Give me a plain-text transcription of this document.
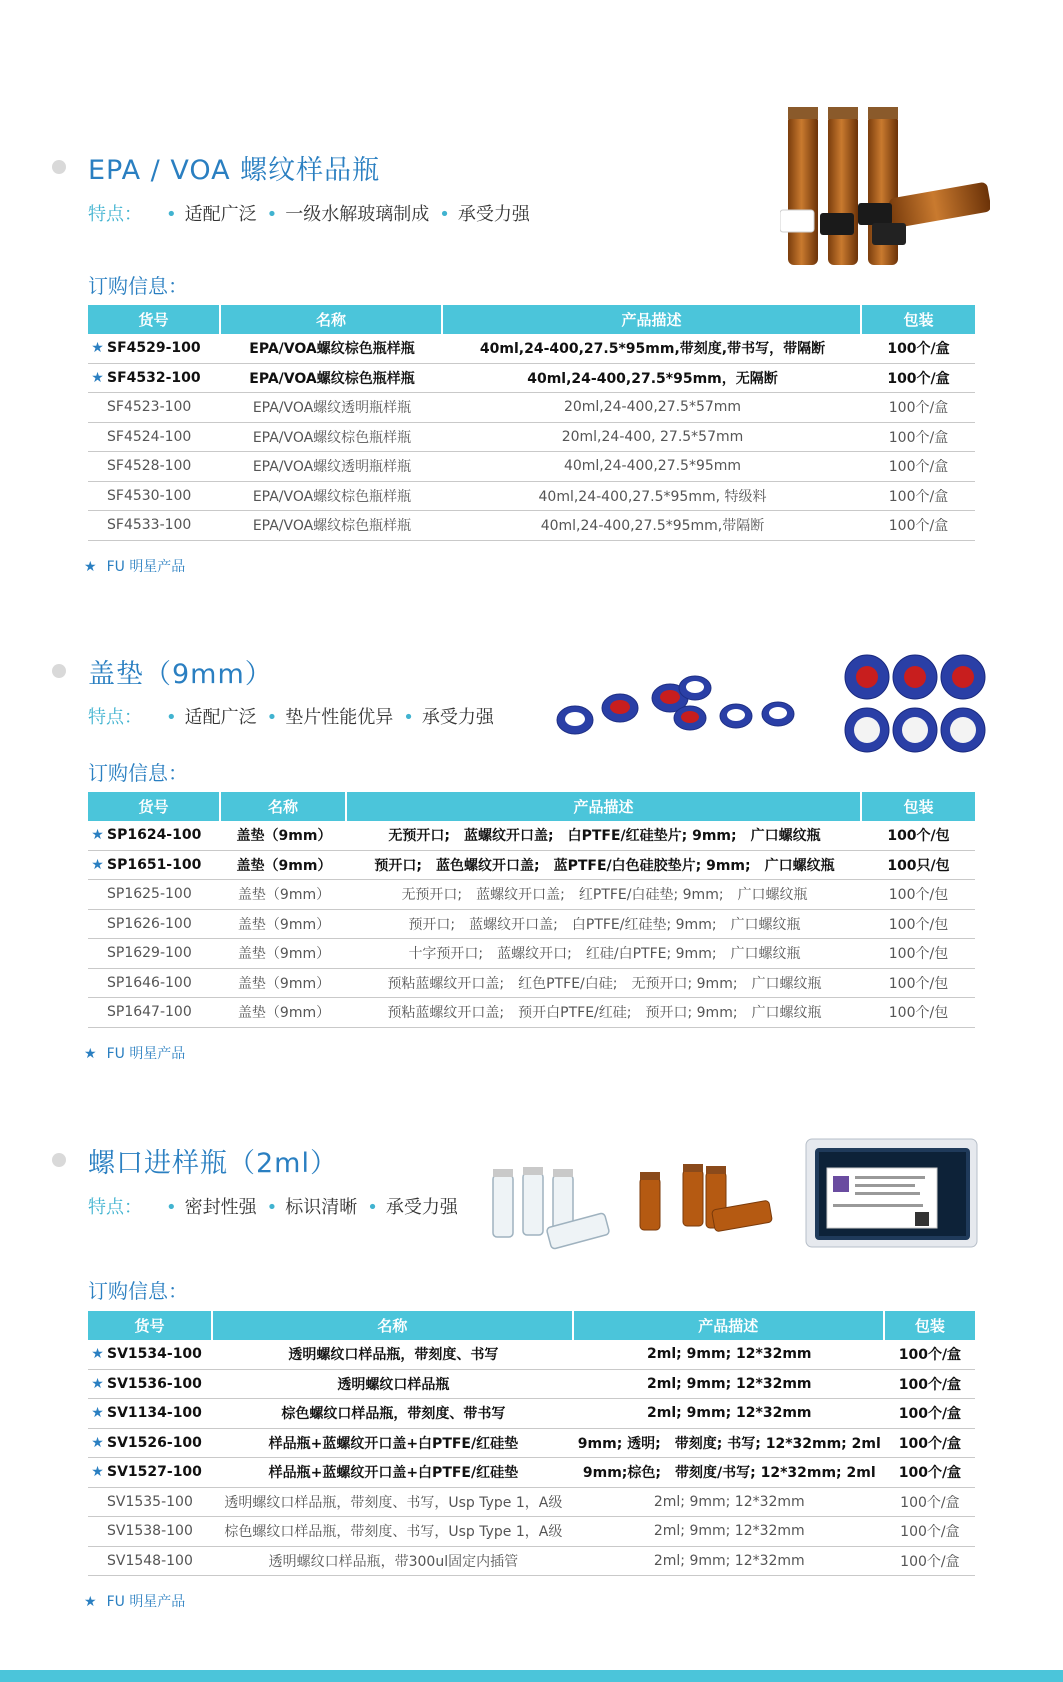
EPA / VOA 螺纹样品瓶
特点： • 适配广泛 • 一级水解玻璃制成 • 承受力强
订购信息：
货号	名称	产品描述	包装
★ SF4529-100	EPA/VOA螺纹棕色瓶样瓶	40ml,24-400,27.5*95mm,带刻度,带书写，带隔断	100个/盒
★ SF4532-100	EPA/VOA螺纹棕色瓶样瓶	40ml,24-400,27.5*95mm，无隔断	100个/盒
SF4523-100	EPA/VOA螺纹透明瓶样瓶	20ml,24-400,27.5*57mm	100个/盒
SF4524-100	EPA/VOA螺纹棕色瓶样瓶	20ml,24-400, 27.5*57mm	100个/盒
SF4528-100	EPA/VOA螺纹透明瓶样瓶	40ml,24-400,27.5*95mm	100个/盒
SF4530-100	EPA/VOA螺纹棕色瓶样瓶	40ml,24-400,27.5*95mm, 特级料	100个/盒
SF4533-100	EPA/VOA螺纹棕色瓶样瓶	40ml,24-400,27.5*95mm,带隔断	100个/盒
★ FU 明星产品
盖垫（9mm）
特点： • 适配广泛 • 垫片性能优异 • 承受力强
订购信息：
货号	名称	产品描述	包装
★ SP1624-100	盖垫（9mm）	无预开口;　蓝螺纹开口盖;　白PTFE/红硅垫片; 9mm;　广口螺纹瓶	100个/包
★ SP1651-100	盖垫（9mm）	预开口;　蓝色螺纹开口盖;　蓝PTFE/白色硅胶垫片; 9mm;　广口螺纹瓶	100只/包
SP1625-100	盖垫（9mm）	无预开口;　蓝螺纹开口盖;　红PTFE/白硅垫; 9mm;　广口螺纹瓶	100个/包
SP1626-100	盖垫（9mm）	预开口;　蓝螺纹开口盖;　白PTFE/红硅垫; 9mm;　广口螺纹瓶	100个/包
SP1629-100	盖垫（9mm）	十字预开口;　蓝螺纹开口;　红硅/白PTFE; 9mm;　广口螺纹瓶	100个/包
SP1646-100	盖垫（9mm）	预粘蓝螺纹开口盖;　红色PTFE/白硅;　无预开口; 9mm;　广口螺纹瓶	100个/包
SP1647-100	盖垫（9mm）	预粘蓝螺纹开口盖;　预开白PTFE/红硅;　预开口; 9mm;　广口螺纹瓶	100个/包
★ FU 明星产品
螺口进样瓶（2ml）
特点： • 密封性强 • 标识清晰 • 承受力强
订购信息：
货号	名称	产品描述	包装
★ SV1534-100	透明螺纹口样品瓶，带刻度、书写	2ml; 9mm; 12*32mm	100个/盒
★ SV1536-100	透明螺纹口样品瓶	2ml; 9mm; 12*32mm	100个/盒
★ SV1134-100	棕色螺纹口样品瓶，带刻度、带书写	2ml; 9mm; 12*32mm	100个/盒
★ SV1526-100	样品瓶+蓝螺纹开口盖+白PTFE/红硅垫	9mm; 透明;　带刻度; 书写; 12*32mm; 2ml	100个/盒
★ SV1527-100	样品瓶+蓝螺纹开口盖+白PTFE/红硅垫	9mm;棕色;　带刻度/书写; 12*32mm; 2ml	100个/盒
SV1535-100	透明螺纹口样品瓶，带刻度、书写，Usp Type 1，A级	2ml; 9mm; 12*32mm	100个/盒
SV1538-100	棕色螺纹口样品瓶，带刻度、书写，Usp Type 1，A级	2ml; 9mm; 12*32mm	100个/盒
SV1548-100	透明螺纹口样品瓶，带300ul固定内插管	2ml; 9mm; 12*32mm	100个/盒
★ FU 明星产品
